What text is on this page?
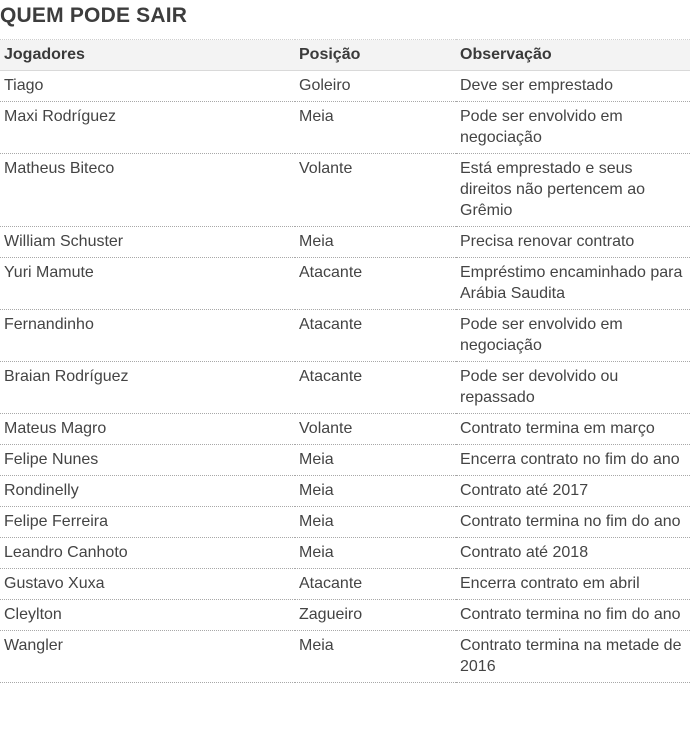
QUEM PODE SAIR
Jogadores	Posição	Observação
Tiago	Goleiro	Deve ser emprestado
Maxi Rodríguez	Meia	Pode ser envolvido em negociação
Matheus Biteco	Volante	Está emprestado e seus direitos não pertencem ao Grêmio
William Schuster	Meia	Precisa renovar contrato
Yuri Mamute	Atacante	Empréstimo encaminhado para Arábia Saudita
Fernandinho	Atacante	Pode ser envolvido em negociação
Braian Rodríguez	Atacante	Pode ser devolvido ou repassado
Mateus Magro	Volante	Contrato termina em março
Felipe Nunes	Meia	Encerra contrato no fim do ano
Rondinelly	Meia	Contrato até 2017
Felipe Ferreira	Meia	Contrato termina no fim do ano
Leandro Canhoto	Meia	Contrato até 2018
Gustavo Xuxa	Atacante	Encerra contrato em abril
Cleylton	Zagueiro	Contrato termina no fim do ano
Wangler	Meia	Contrato termina na metade de 2016
